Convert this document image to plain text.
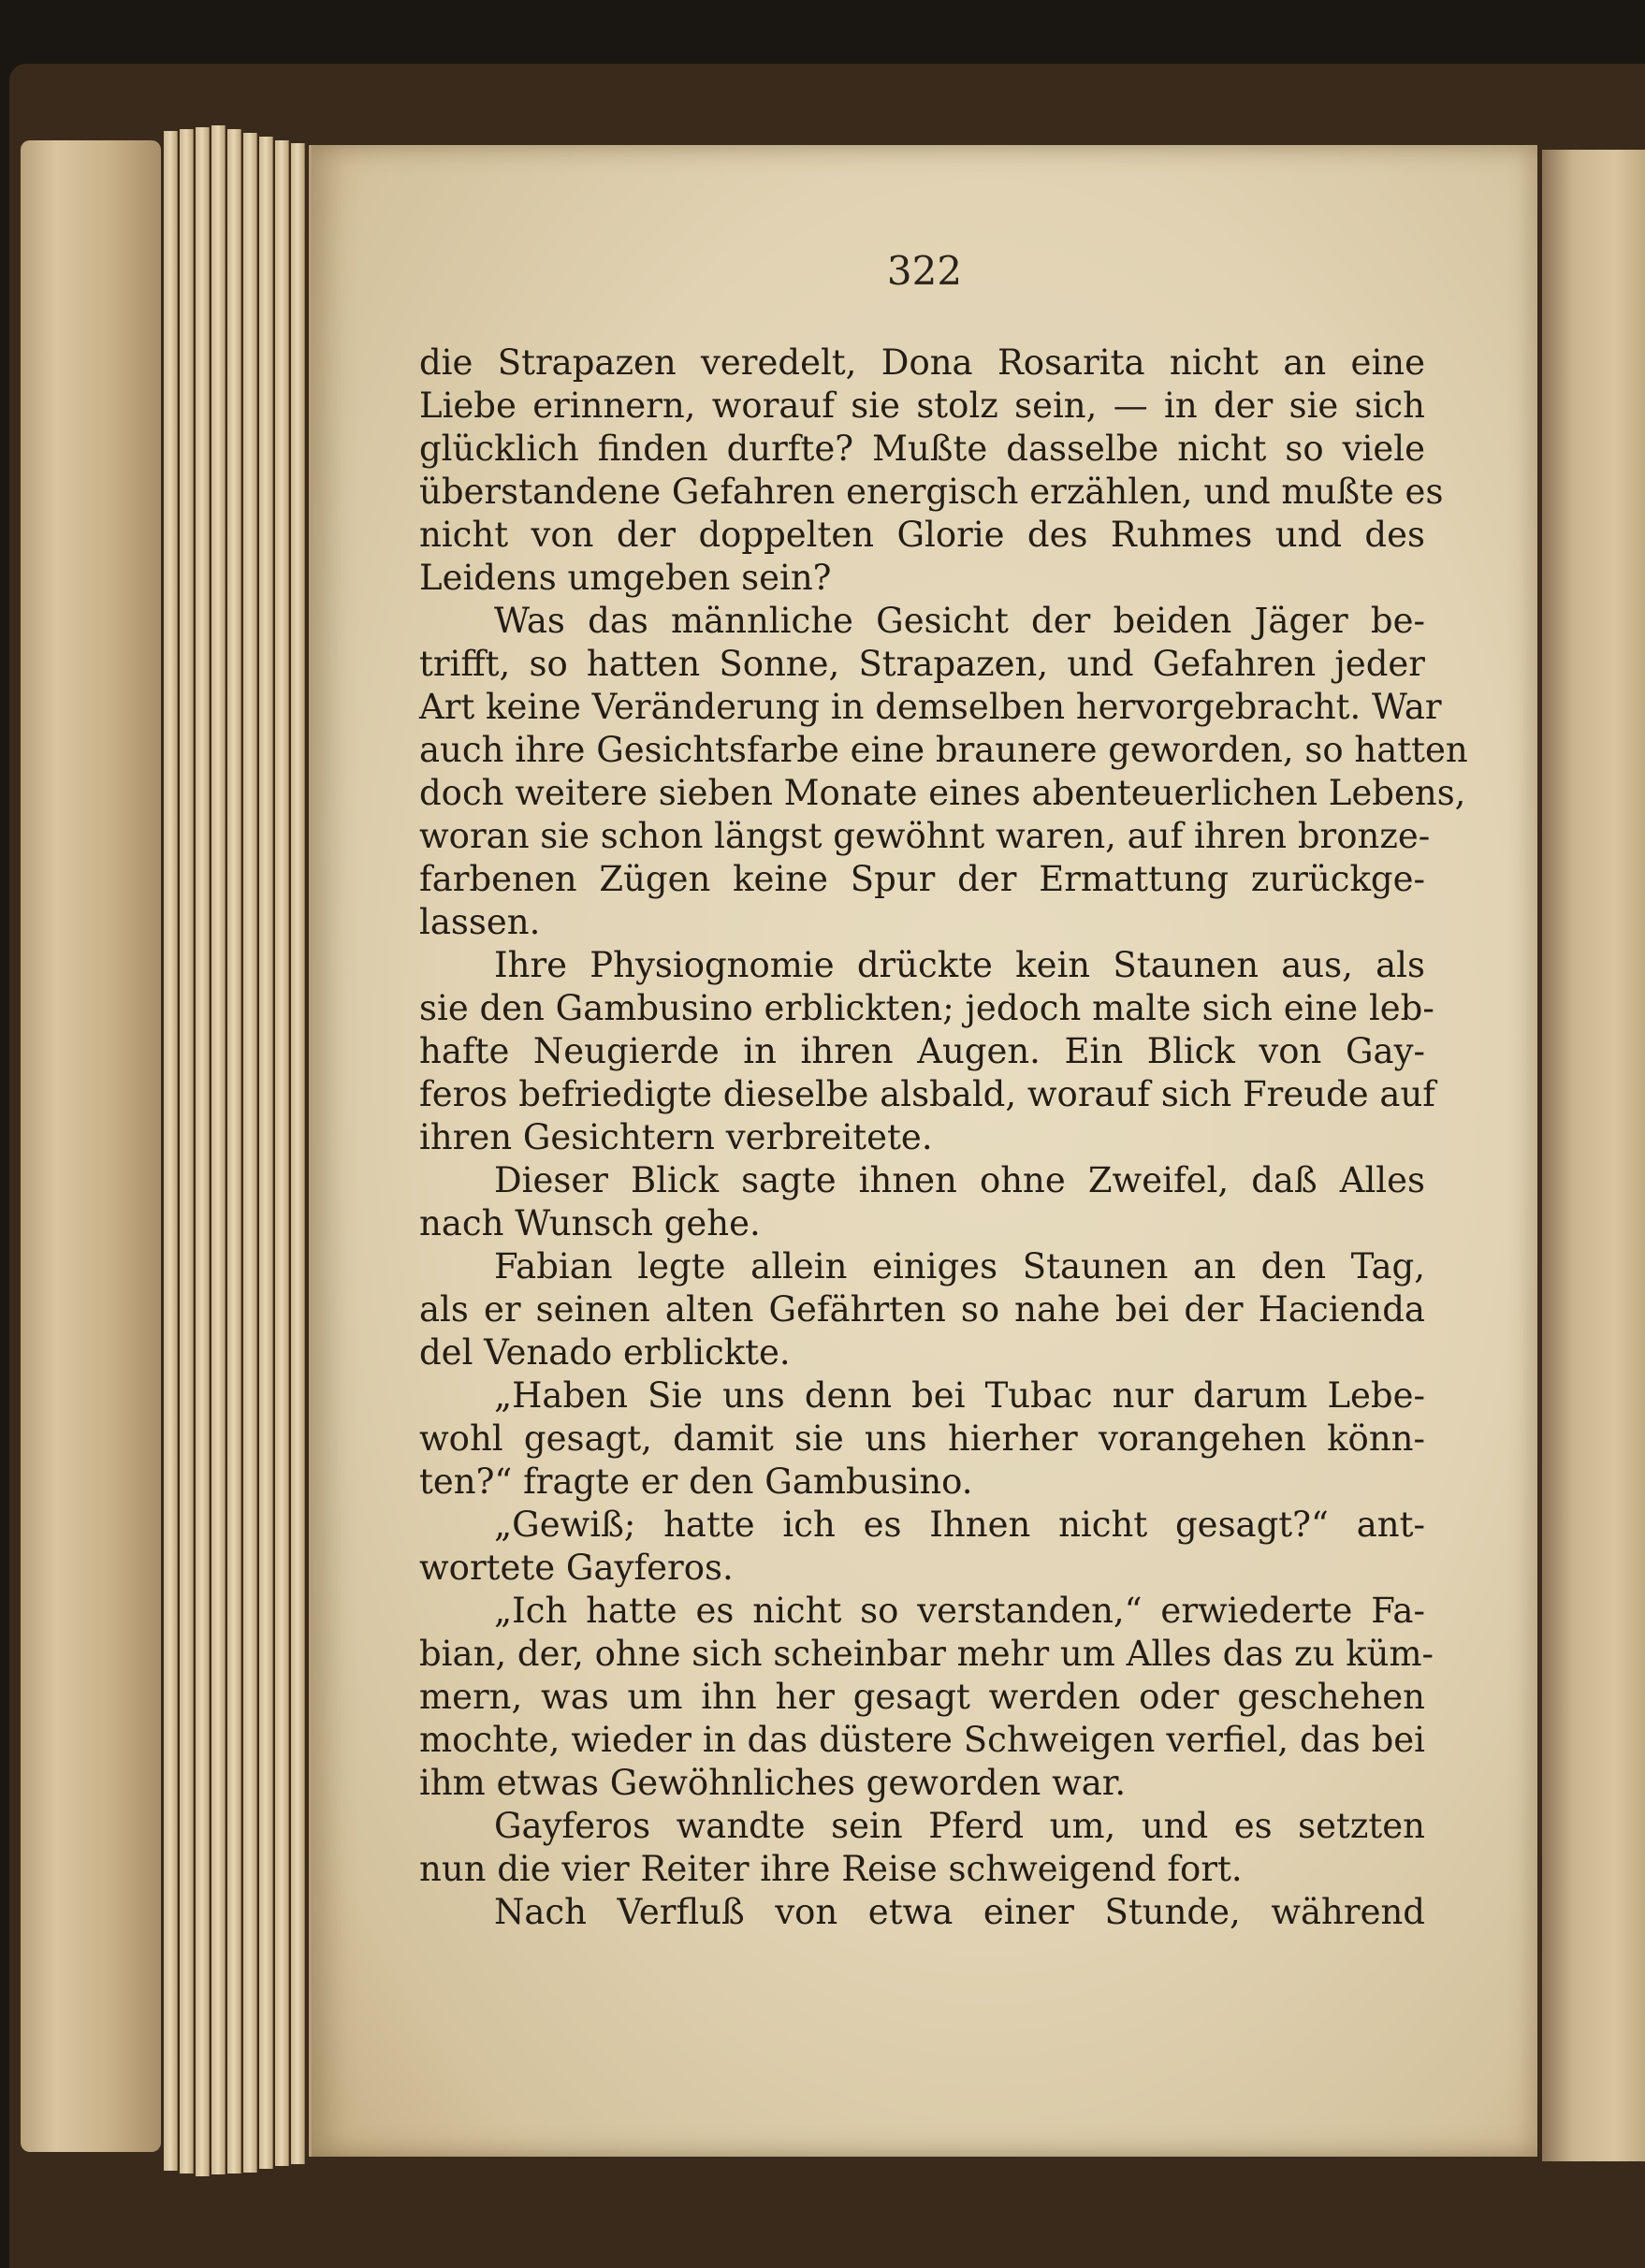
322
die Strapazen veredelt, Dona Rosarita nicht an eine
Liebe erinnern, worauf sie stolz sein, — in der sie sich
glücklich finden durfte? Mußte dasselbe nicht so viele
überstandene Gefahren energisch erzählen, und mußte es
nicht von der doppelten Glorie des Ruhmes und des
Leidens umgeben sein?
Was das männliche Gesicht der beiden Jäger be-
trifft, so hatten Sonne, Strapazen, und Gefahren jeder
Art keine Veränderung in demselben hervorgebracht. War
auch ihre Gesichtsfarbe eine braunere geworden, so hatten
doch weitere sieben Monate eines abenteuerlichen Lebens,
woran sie schon längst gewöhnt waren, auf ihren bronze-
farbenen Zügen keine Spur der Ermattung zurückge-
lassen.
Ihre Physiognomie drückte kein Staunen aus, als
sie den Gambusino erblickten; jedoch malte sich eine leb-
hafte Neugierde in ihren Augen. Ein Blick von Gay-
feros befriedigte dieselbe alsbald, worauf sich Freude auf
ihren Gesichtern verbreitete.
Dieser Blick sagte ihnen ohne Zweifel, daß Alles
nach Wunsch gehe.
Fabian legte allein einiges Staunen an den Tag,
als er seinen alten Gefährten so nahe bei der Hacienda
del Venado erblickte.
„Haben Sie uns denn bei Tubac nur darum Lebe-
wohl gesagt, damit sie uns hierher vorangehen könn-
ten?“ fragte er den Gambusino.
„Gewiß; hatte ich es Ihnen nicht gesagt?“ ant-
wortete Gayferos.
„Ich hatte es nicht so verstanden,“ erwiederte Fa-
bian, der, ohne sich scheinbar mehr um Alles das zu küm-
mern, was um ihn her gesagt werden oder geschehen
mochte, wieder in das düstere Schweigen verfiel, das bei
ihm etwas Gewöhnliches geworden war.
Gayferos wandte sein Pferd um, und es setzten
nun die vier Reiter ihre Reise schweigend fort.
Nach Verfluß von etwa einer Stunde, während
